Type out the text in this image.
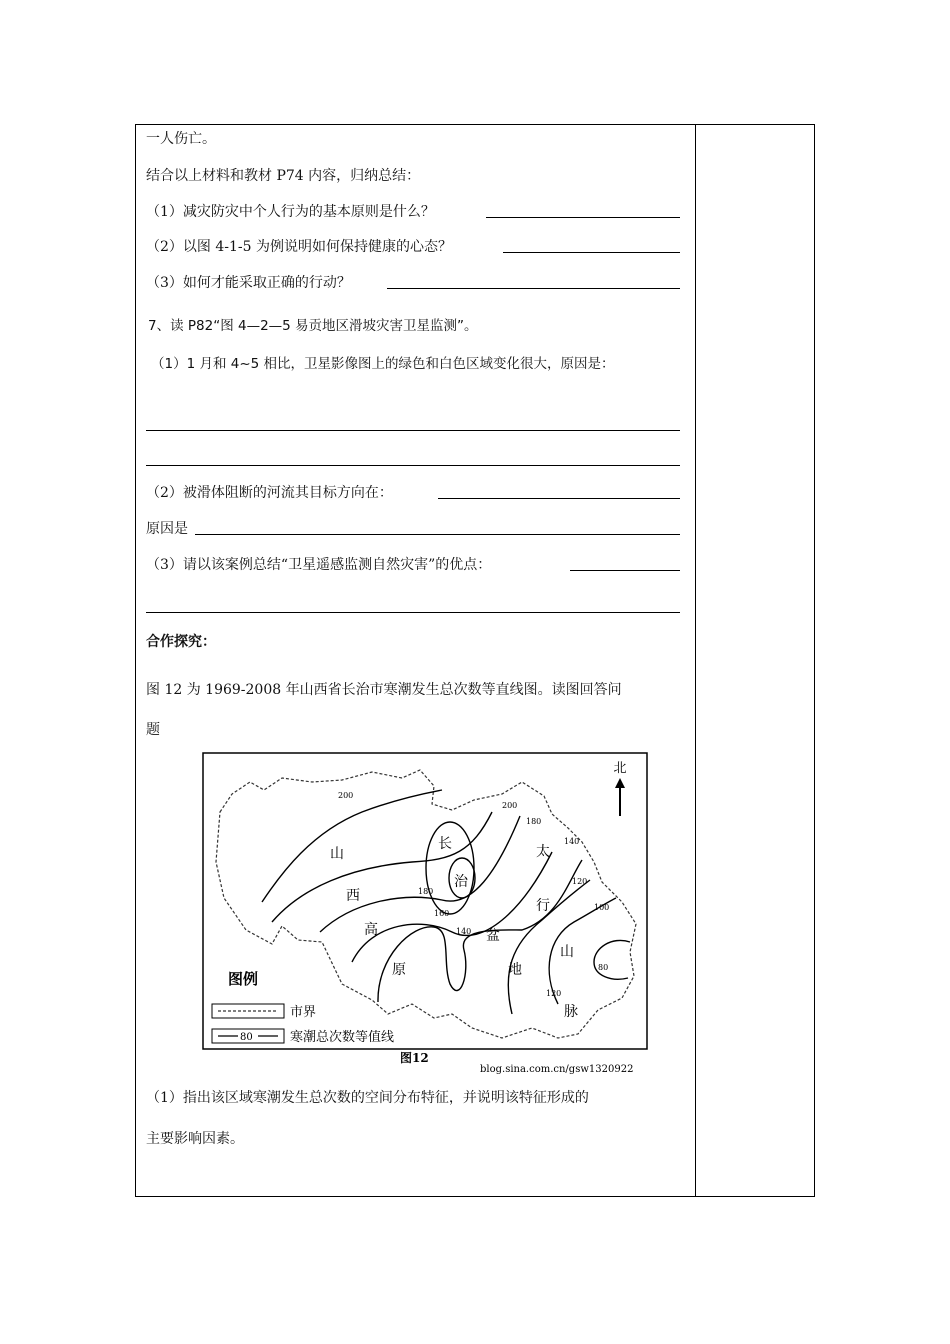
一人伤亡。
结合以上材料和教材 P74 内容，归纳总结：
（1）减灾防灾中个人行为的基本原则是什么？
（2）以图 4-1-5 为例说明如何保持健康的心态？
（3）如何才能采取正确的行动？
7、读 P82“图 4—2—5 易贡地区滑坡灾害卫星监测”。
（1）1 月和 4~5 相比，卫星影像图上的绿色和白色区域变化很大，原因是：
（2）被滑体阻断的河流其目标方向在：
原因是
（3）请以该案例总结“卫星遥感监测自然灾害”的优点：
合作探究：
图 12 为 1969-2008 年山西省长治市寒潮发生总次数等直线图。读图回答问
题
北
山
西
高
原
长
治
盆
地
太
行
山
脉
200
200
180
180
160
140
140
120
100
80
120
图例
市界
80	寒潮总次数等值线
图12
blog.sina.com.cn/gsw1320922
（1）指出该区域寒潮发生总次数的空间分布特征，并说明该特征形成的
主要影响因素。
